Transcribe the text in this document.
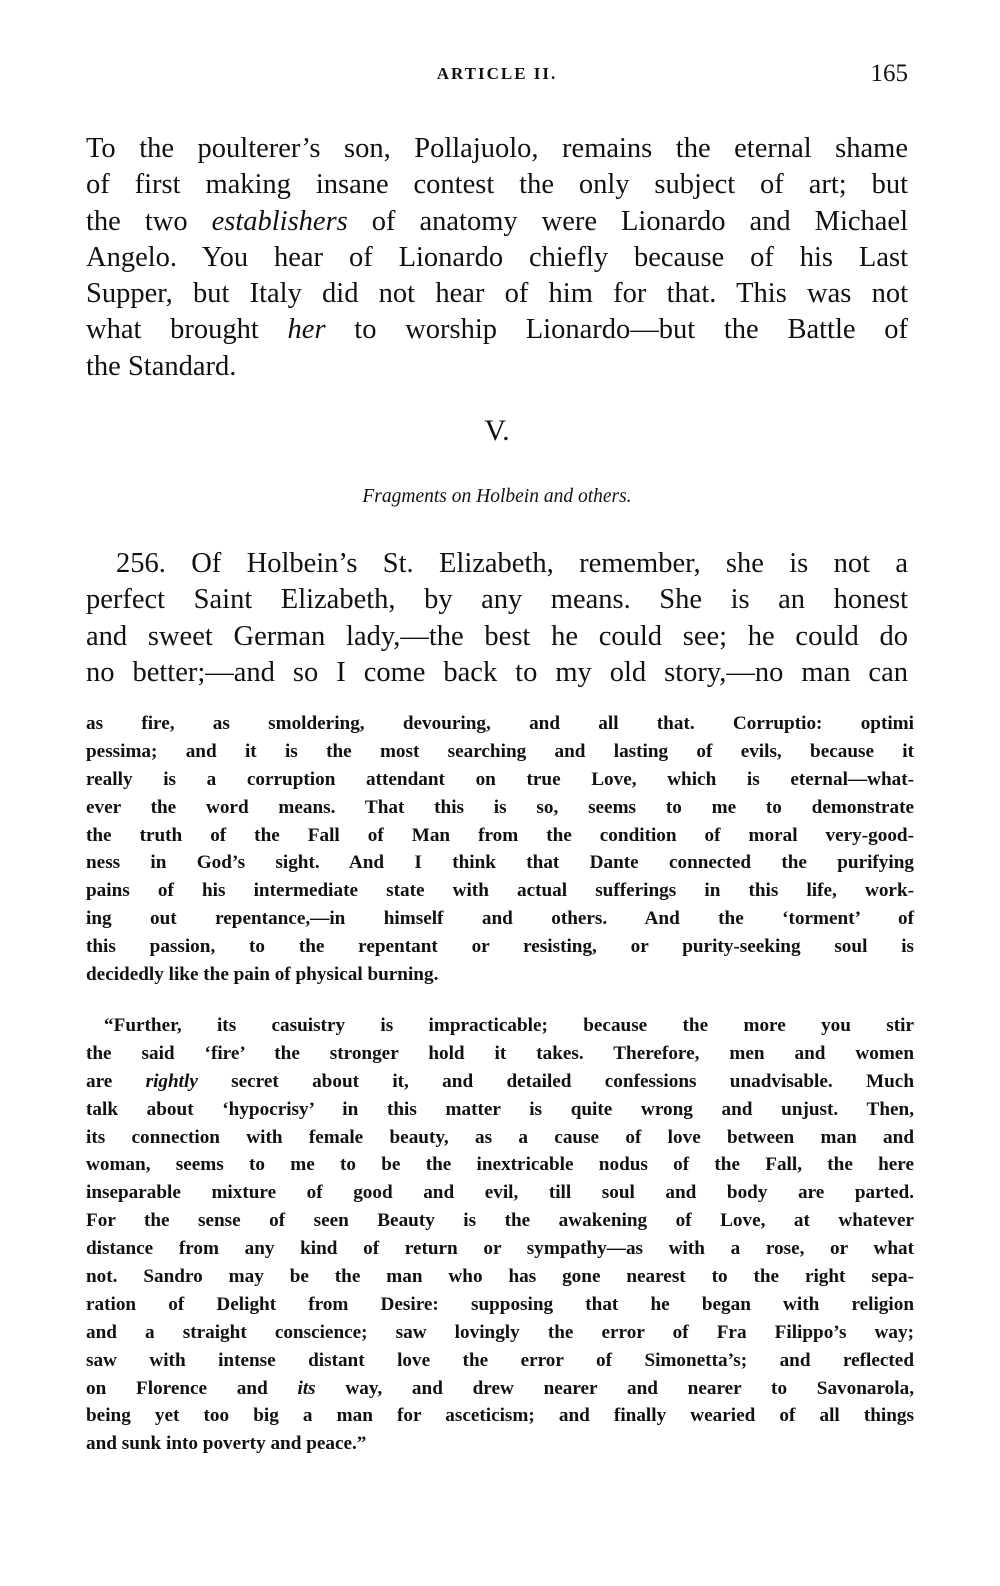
ARTICLE II.	165
To the poulterer’s son, Pollajuolo, remains the eternal shame
of first making insane contest the only subject of art; but
the two establishers of anatomy were Lionardo and Michael
Angelo. You hear of Lionardo chiefly because of his Last
Supper, but Italy did not hear of him for that. This was not
what brought her to worship Lionardo—but the Battle of
the Standard.
V.
Fragments on Holbein and others.
256. Of Holbein’s St. Elizabeth, remember, she is not a
perfect Saint Elizabeth, by any means. She is an honest
and sweet German lady,—the best he could see; he could do
no better;—and so I come back to my old story,—no man can
as fire, as smoldering, devouring, and all that. Corruptio: optimi
pessima; and it is the most searching and lasting of evils, because it
really is a corruption attendant on true Love, which is eternal—what-
ever the word means. That this is so, seems to me to demonstrate
the truth of the Fall of Man from the condition of moral very-good-
ness in God’s sight. And I think that Dante connected the purifying
pains of his intermediate state with actual sufferings in this life, work-
ing out repentance,—in himself and others. And the ‘torment’ of
this passion, to the repentant or resisting, or purity-seeking soul is
decidedly like the pain of physical burning.
“Further, its casuistry is impracticable; because the more you stir
the said ‘fire’ the stronger hold it takes. Therefore, men and women
are rightly secret about it, and detailed confessions unadvisable. Much
talk about ‘hypocrisy’ in this matter is quite wrong and unjust. Then,
its connection with female beauty, as a cause of love between man and
woman, seems to me to be the inextricable nodus of the Fall, the here
inseparable mixture of good and evil, till soul and body are parted.
For the sense of seen Beauty is the awakening of Love, at whatever
distance from any kind of return or sympathy—as with a rose, or what
not. Sandro may be the man who has gone nearest to the right sepa-
ration of Delight from Desire: supposing that he began with religion
and a straight conscience; saw lovingly the error of Fra Filippo’s way;
saw with intense distant love the error of Simonetta’s; and reflected
on Florence and its way, and drew nearer and nearer to Savonarola,
being yet too big a man for asceticism; and finally wearied of all things
and sunk into poverty and peace.”
